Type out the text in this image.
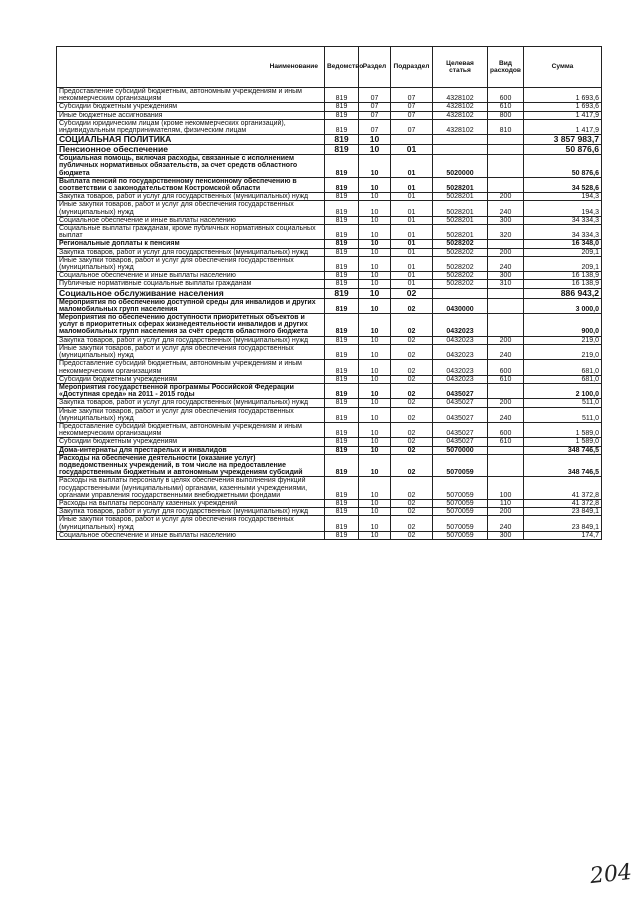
Наименование	Ведомство	Раздел	Подраздел	Целевая статья	Вид расходов	Сумма
Предоставление субсидий бюджетным, автономным учреждениям и иным некоммерческим организациям	819	07	07	4328102	600	1 693,6
Субсидии бюджетным учреждениям	819	07	07	4328102	610	1 693,6
Иные бюджетные ассигнования	819	07	07	4328102	800	1 417,9
Субсидии юридическим лицам (кроме некоммерческих организаций), индивидуальным предпринимателям, физическим лицам	819	07	07	4328102	810	1 417,9
СОЦИАЛЬНАЯ ПОЛИТИКА	819	10				3 857 983,7
Пенсионное обеспечение	819	10	01			50 876,6
Социальная помощь, включая расходы, связанные с исполнением публичных нормативных обязательств, за счет средств областного бюджета	819	10	01	5020000		50 876,6
Выплата пенсий по государственному пенсионному обеспечению в соответствии с законодательством Костромской области	819	10	01	5028201		34 528,6
Закупка товаров, работ и услуг для государственных (муниципальных) нужд	819	10	01	5028201	200	194,3
Иные закупки товаров, работ и услуг для обеспечения государственных (муниципальных) нужд	819	10	01	5028201	240	194,3
Социальное обеспечение и иные выплаты населению	819	10	01	5028201	300	34 334,3
Социальные выплаты гражданам, кроме публичных нормативных социальных выплат	819	10	01	5028201	320	34 334,3
Региональные доплаты к пенсиям	819	10	01	5028202		16 348,0
Закупка товаров, работ и услуг для государственных (муниципальных) нужд	819	10	01	5028202	200	209,1
Иные закупки товаров, работ и услуг для обеспечения государственных (муниципальных) нужд	819	10	01	5028202	240	209,1
Социальное обеспечение и иные выплаты населению	819	10	01	5028202	300	16 138,9
Публичные нормативные социальные выплаты гражданам	819	10	01	5028202	310	16 138,9
Социальное обслуживание населения	819	10	02			886 943,2
Мероприятия по обеспечению доступной среды для инвалидов и других маломобильных групп населения	819	10	02	0430000		3 000,0
Мероприятия по обеспечению доступности приоритетных объектов и услуг в приоритетных сферах жизнедеятельности инвалидов и других маломобильных групп населения за счёт средств областного бюджета	819	10	02	0432023		900,0
Закупка товаров, работ и услуг для государственных (муниципальных) нужд	819	10	02	0432023	200	219,0
Иные закупки товаров, работ и услуг для обеспечения государственных (муниципальных) нужд	819	10	02	0432023	240	219,0
Предоставление субсидий бюджетным, автономным учреждениям и иным некоммерческим организациям	819	10	02	0432023	600	681,0
Субсидии бюджетным учреждениям	819	10	02	0432023	610	681,0
Мероприятия государственной программы Российской Федерации «Доступная среда» на 2011 - 2015 годы	819	10	02	0435027		2 100,0
Закупка товаров, работ и услуг для государственных (муниципальных) нужд	819	10	02	0435027	200	511,0
Иные закупки товаров, работ и услуг для обеспечения государственных (муниципальных) нужд	819	10	02	0435027	240	511,0
Предоставление субсидий бюджетным, автономным учреждениям и иным некоммерческим организациям	819	10	02	0435027	600	1 589,0
Субсидии бюджетным учреждениям	819	10	02	0435027	610	1 589,0
Дома-интернаты для престарелых и инвалидов	819	10	02	5070000		348 746,5
Расходы на обеспечение деятельности (оказание услуг) подведомственных учреждений, в том числе на предоставление государственным бюджетным и автономным учреждениям субсидий	819	10	02	5070059		348 746,5
Расходы на выплаты персоналу в целях обеспечения выполнения функций государственными (муниципальными) органами, казенными учреждениями, органами управления государственными внебюджетными фондами	819	10	02	5070059	100	41 372,8
Расходы на выплаты персоналу казенных учреждений	819	10	02	5070059	110	41 372,8
Закупка товаров, работ и услуг для государственных (муниципальных) нужд	819	10	02	5070059	200	23 849,1
Иные закупки товаров, работ и услуг для обеспечения государственных (муниципальных) нужд	819	10	02	5070059	240	23 849,1
Социальное обеспечение и иные выплаты населению	819	10	02	5070059	300	174,7
204
